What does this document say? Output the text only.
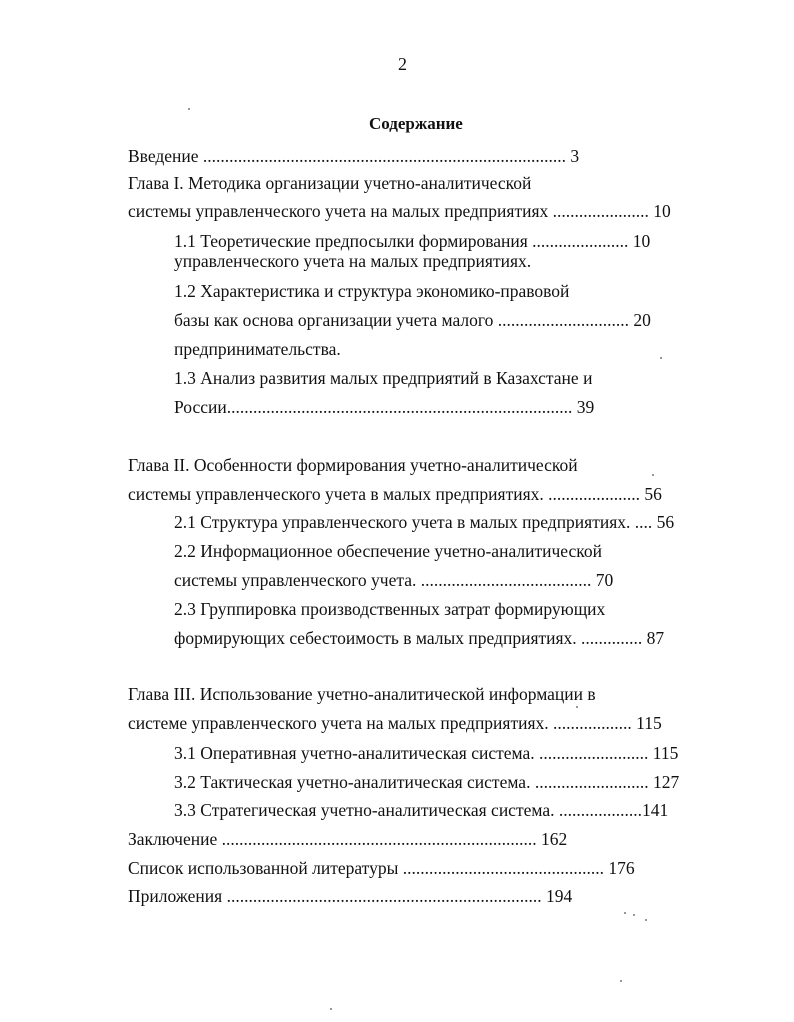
2
Содержание
Введение ................................................................................... 3
Глава I. Методика организации учетно-аналитической
системы управленческого учета на малых предприятиях ...................... 10
1.1 Теоретические предпосылки формирования ...................... 10
управленческого учета на малых предприятиях.
1.2 Характеристика и структура экономико-правовой
базы как основа организации учета малого .............................. 20
предпринимательства.
1.3 Анализ развития малых предприятий в Казахстане и
России............................................................................... 39
Глава II. Особенности формирования учетно-аналитической
системы управленческого учета в малых предприятиях. ..................... 56
2.1 Структура управленческого учета в малых предприятиях. .... 56
2.2 Информационное обеспечение учетно-аналитической
системы управленческого учета. ....................................... 70
2.3 Группировка производственных затрат формирующих
формирующих себестоимость в малых предприятиях. .............. 87
Глава III. Использование учетно-аналитической информации в
системе управленческого учета на малых предприятиях. .................. 115
3.1 Оперативная учетно-аналитическая система. ......................... 115
3.2 Тактическая учетно-аналитическая система. .......................... 127
3.3 Стратегическая учетно-аналитическая система. ...................141
Заключение ........................................................................ 162
Список использованной литературы .............................................. 176
Приложения ........................................................................ 194
